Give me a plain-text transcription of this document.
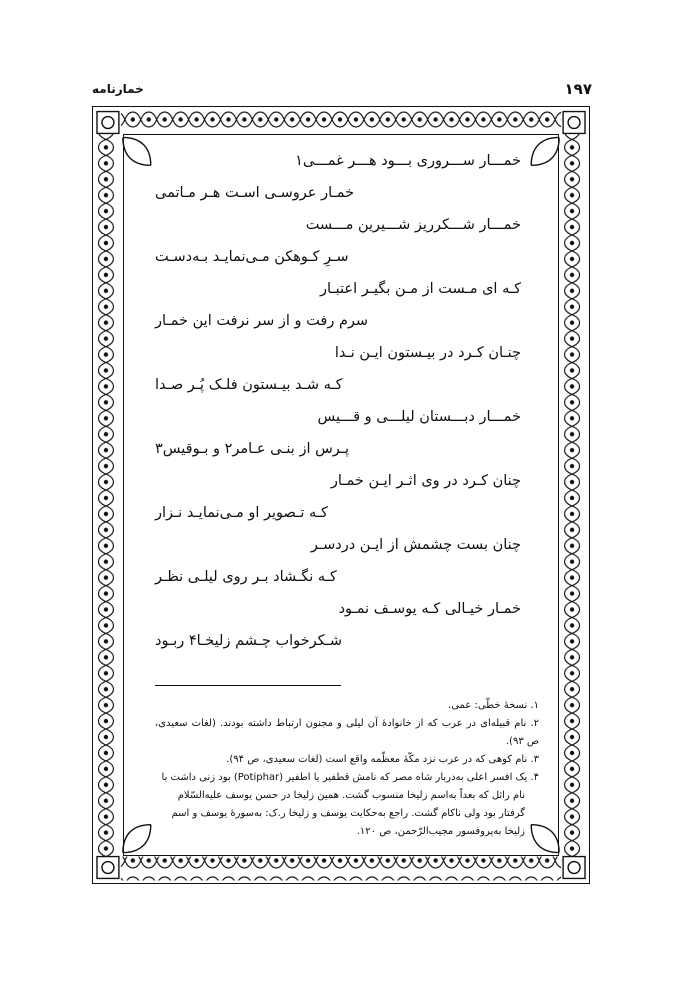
۱۹۷
خمارنامه
خمـــار ســـروری بـــود هـــر غمـــی۱
خمـار عروسـی اسـت هـر مـاتمی
خمـــار شـــکرریز شـــیرین مـــست
سـرِ کـوهکن مـی‌نمایـد بـه‌دسـت
کـه ای مـست از مـن بگیـر اعتبـار
سرم رفت و از سر نرفت این خمـار
چنـان کـرد در بیـستون ایـن نـدا
کـه شـد بیـستون فلـک پُـر صـدا
خمـــار دبـــستان لیلـــی و قـــیس
پـرس از بنـی عـامر۲ و بـوقیس۳
چنان کـرد در وی اثـر ایـن خمـار
کـه تـصویر او مـی‌نمایـد نـزار
چنان بست چشمش از ایـن دردسـر
کـه نگـشاد بـر روی لیلـی نظـر
خمـار خیـالی کـه یوسـف نمـود
شـکرخواب چـشم زلیخـا۴ ربـود
۱. نسخهٔ خطّی: عمی.
۲. نام قبیله‌ای در عرب که از خانوادهٔ آن لیلی و مجنون ارتباط داشته بودند. (لغات سعیدی، ص ۹۳).
۳. نام کوهی که در عرب نزد مکّهٔ معظّمه واقع است (لغات سعیدی، ص ۹۴).
۴. یک افسر اعلی به‌دربار شاه مصر که نامش قطفیر یا اطفیر (Potiphar) بود زنی داشت با
نام راثل که بعداً به‌اسم زلیخا منسوب گشت. همین زلیخا در حسن یوسف علیه‌السّلام
گرفتار بود ولی ناکام گشت. راجع به‌حکایت یوسف و زلیخا ر.ک: به‌سورهٔ یوسف و اسم
زلیخا به‌پروفسور مجیب‌الرّحمن، ص ۱۲۰.
